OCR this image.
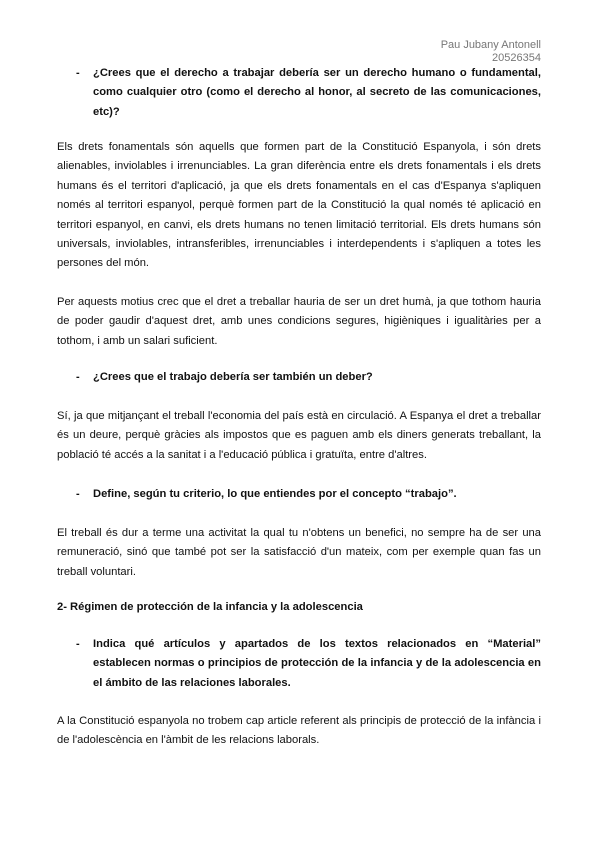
Pau Jubany Antonell
20526354
- ¿Crees que el derecho a trabajar debería ser un derecho humano o fundamental, como cualquier otro (como el derecho al honor, al secreto de las comunicaciones, etc)?
Els drets fonamentals són aquells que formen part de la Constitució Espanyola, i són drets alienables, inviolables i irrenunciables. La gran diferència entre els drets fonamentals i els drets humans és el territori d'aplicació, ja que els drets fonamentals en el cas d'Espanya s'apliquen només al territori espanyol, perquè formen part de la Constitució la qual només té aplicació en territori espanyol, en canvi, els drets humans no tenen limitació territorial. Els drets humans són universals, inviolables, intransferibles, irrenunciables i interdependents i s'apliquen a totes les persones del món.
Per aquests motius crec que el dret a treballar hauria de ser un dret humà, ja que tothom hauria de poder gaudir d'aquest dret, amb unes condicions segures, higièniques i igualitàries per a tothom, i amb un salari suficient.
- ¿Crees que el trabajo debería ser también un deber?
Sí, ja que mitjançant el treball l'economia del país està en circulació. A Espanya el dret a treballar és un deure, perquè gràcies als impostos que es paguen amb els diners generats treballant, la població té accés a la sanitat i a l'educació pública i gratuïta, entre d'altres.
- Define, según tu criterio, lo que entiendes por el concepto “trabajo”.
El treball és dur a terme una activitat la qual tu n'obtens un benefici, no sempre ha de ser una remuneració, sinó que també pot ser la satisfacció d'un mateix, com per exemple quan fas un treball voluntari.
2- Régimen de protección de la infancia y la adolescencia
- Indica qué artículos y apartados de los textos relacionados en “Material” establecen normas o principios de protección de la infancia y de la adolescencia en el ámbito de las relaciones laborales.
A la Constitució espanyola no trobem cap article referent als principis de protecció de la infància i de l'adolescència en l'àmbit de les relacions laborals.
